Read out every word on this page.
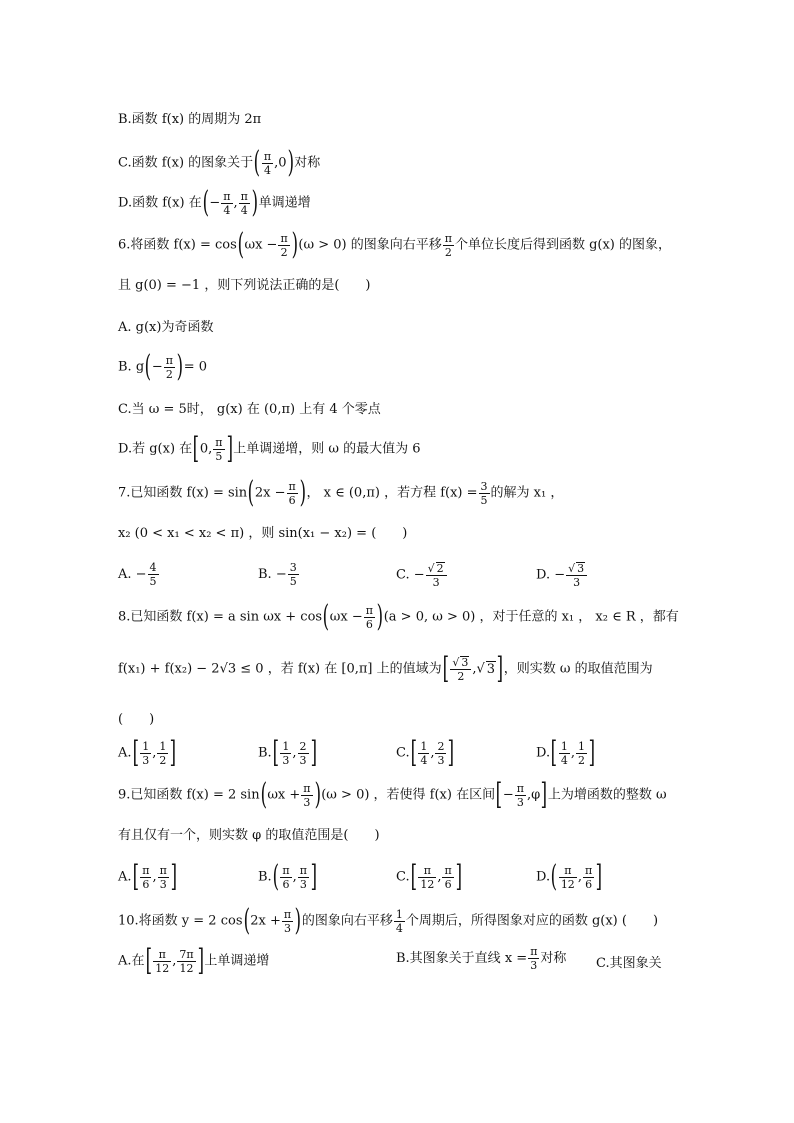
B.函数 f(x) 的周期为 2π
C.函数 f(x) 的图象关于( $\frac{\pi}{4} ,0$)对称
D.函数 f(x) 在(− $\frac{\pi}{4}$ , $\frac{\pi}{4}$ )单调递增
6.将函数 $f(x) = \cos(\omega x - \frac{\pi}{2} )(\omega > 0)$ 的图象向右平移 $\frac{\pi}{2}$ 个单位长度后得到函数 g(x) 的图象，
且 g(0) = −1 ，则下列说法正确的是(　　)
A. g(x)为奇函数
B. $g(- \frac{\pi}{2}$ )= 0
C.当 ω = 5时， g(x) 在 (0,π) 上有 4 个零点
D.若 g(x) 在[0, $\frac{\pi}{5}$ ]上单调递增，则 ω 的最大值为 6
7.已知函数 $f(x) = \sin(2x - \frac{\pi}{6}$ )， x ∈ (0,π) ，若方程 $f(x) = \frac{3}{5}$ 的解为 x₁ ，
x₂ (0 < x₁ < x₂ < π) ，则 sin(x₁ − x₂) = (　　)
A. − $\frac{4}{5}$	B. − $\frac{3}{5}$	C. − $\frac{√ 2}{3}$	D. − $\frac{√ 3}{3}$
8.已知函数 f(x) = a $\sin \omega x + \cos(\omega x - \frac{\pi}{6} )(a > 0$, ω > 0) ，对于任意的 x₁ ， x₂ ∈ R ，都有
f(x₁) + f(x₂) − 2√3 ≤ 0 ，若 f(x) 在 [0,π] 上的值域为[ $\frac{√ 3}{2}$ ,√ 3]，则实数 ω 的取值范围为
(　　)
$A.[ \frac{1}{3}$ , $\frac{1}{2}$ ]	$B.[ \frac{1}{3}$ , $\frac{2}{3}$ ]	$C.[ \frac{1}{4}$ , $\frac{2}{3}$ ]	$D.[ \frac{1}{4}$ , $\frac{1}{2}$ ]
9.已知函数 f(x) = 2 $\sin(\omega x + \frac{\pi}{3} )(\omega > 0)$ ，若使得 f(x) 在区间[− $\frac{\pi}{3} ,\varphi$]上为增函数的整数 ω
有且仅有一个，则实数 φ 的取值范围是(　　)
$A.[ \frac{\pi}{6}$ , $\frac{\pi}{3}$ ]	$B.( \frac{\pi}{6}$ , $\frac{\pi}{3}$ ]	$C.[ \frac{\pi}{12}$ , $\frac{\pi}{6}$ ]	$D.( \frac{\pi}{12}$ , $\frac{\pi}{6}$ ]
10.将函数 y = 2 $\cos(2x + \frac{\pi}{3}$ )的图象向右平移 $\frac{1}{4}$ 个周期后，所得图象对应的函数 g(x) (　　)
A.在[ $\frac{\pi}{12}$ , $\frac{7\pi}{12}$ ]上单调递增	B.其图象关于直线 $x = \frac{\pi}{3}$ 对称 C.其图象关
